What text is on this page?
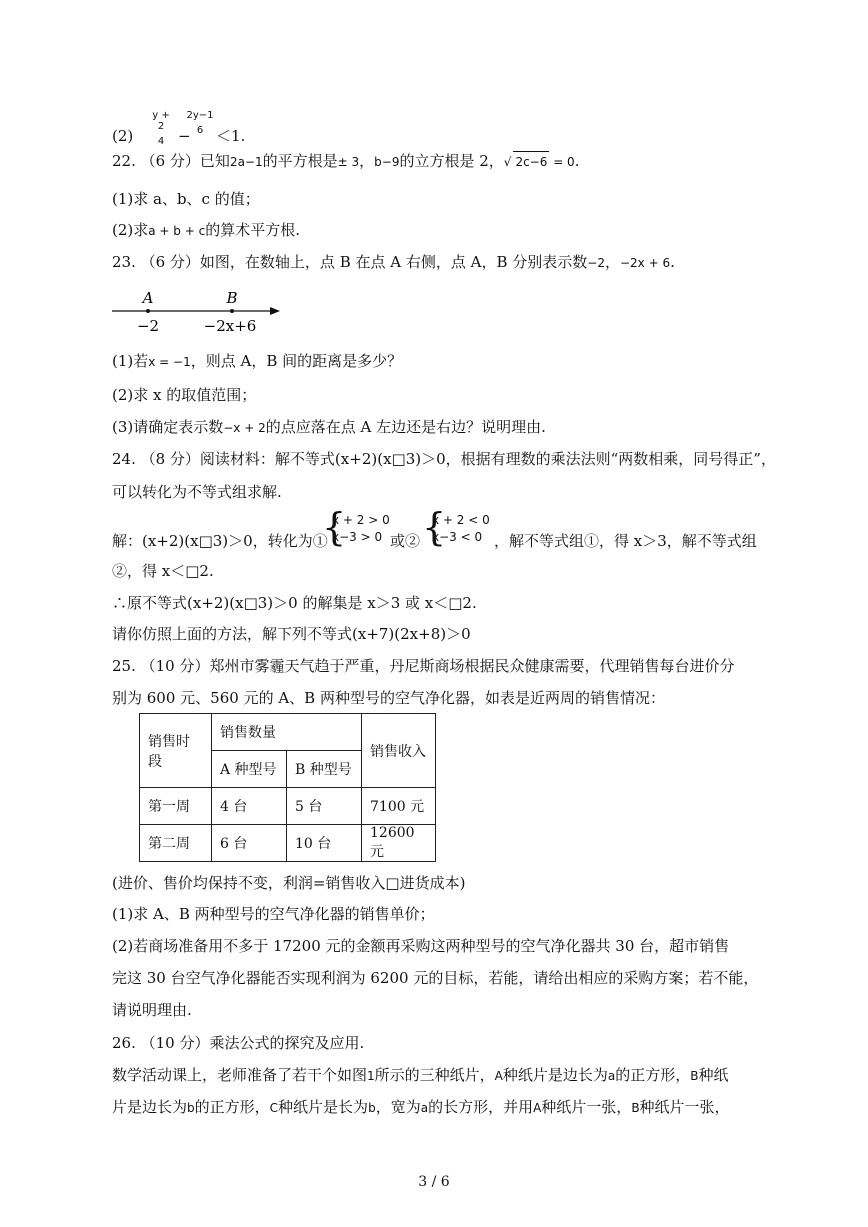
(2)
y + 2
4 −
2y−1
6 ＜1.
22. （6 分）已知2a−1的平方根是± 3，b−9的立方根是 2，√ 2c−6 = 0.
(1)求 a、b、c 的值；
(2)求a + b + c的算术平方根.
23. （6 分）如图，在数轴上，点 B 在点 A 右侧，点 A，B 分别表示数−2，−2x + 6.
A	B
−2	−2x+6
(1)若x = −1，则点 A，B 间的距离是多少？
(2)求 x 的取值范围；
(3)请确定表示数−x + 2的点应落在点 A 左边还是右边？说明理由.
24. （8 分）阅读材料：解不等式(x+2)(x□3)＞0，根据有理数的乘法法则“两数相乘，同号得正”，
可以转化为不等式组求解.
解：(x+2)(x□3)＞0，转化为①
{
x + 2 > 0
x−3 > 0 或② {
x + 2 < 0
x−3 < 0 ，解不等式组①，得 x＞3，解不等式组
②，得 x＜□2.
∴原不等式(x+2)(x□3)＞0 的解集是 x＞3 或 x＜□2.
请你仿照上面的方法，解下列不等式(x+7)(2x+8)＞0
25. （10 分）郑州市雾霾天气趋于严重，丹尼斯商场根据民众健康需要，代理销售每台进价分
别为 600 元、560 元的 A、B 两种型号的空气净化器，如表是近两周的销售情况：
销售时段	销售数量		销售收入
	A 种型号	B 种型号	
第一周	4 台	5 台	7100 元
第二周	6 台	10 台	12600 元
(进价、售价均保持不变，利润=销售收入□进货成本)
(1)求 A、B 两种型号的空气净化器的销售单价；
(2)若商场准备用不多于 17200 元的金额再采购这两种型号的空气净化器共 30 台，超市销售
完这 30 台空气净化器能否实现利润为 6200 元的目标，若能，请给出相应的采购方案；若不能，
请说明理由.
26. （10 分）乘法公式的探究及应用.
数学活动课上，老师准备了若干个如图1所示的三种纸片，A种纸片是边长为a的正方形，B种纸
片是边长为b的正方形，C种纸片是长为b，宽为a的长方形，并用A种纸片一张，B种纸片一张，
3 / 6
